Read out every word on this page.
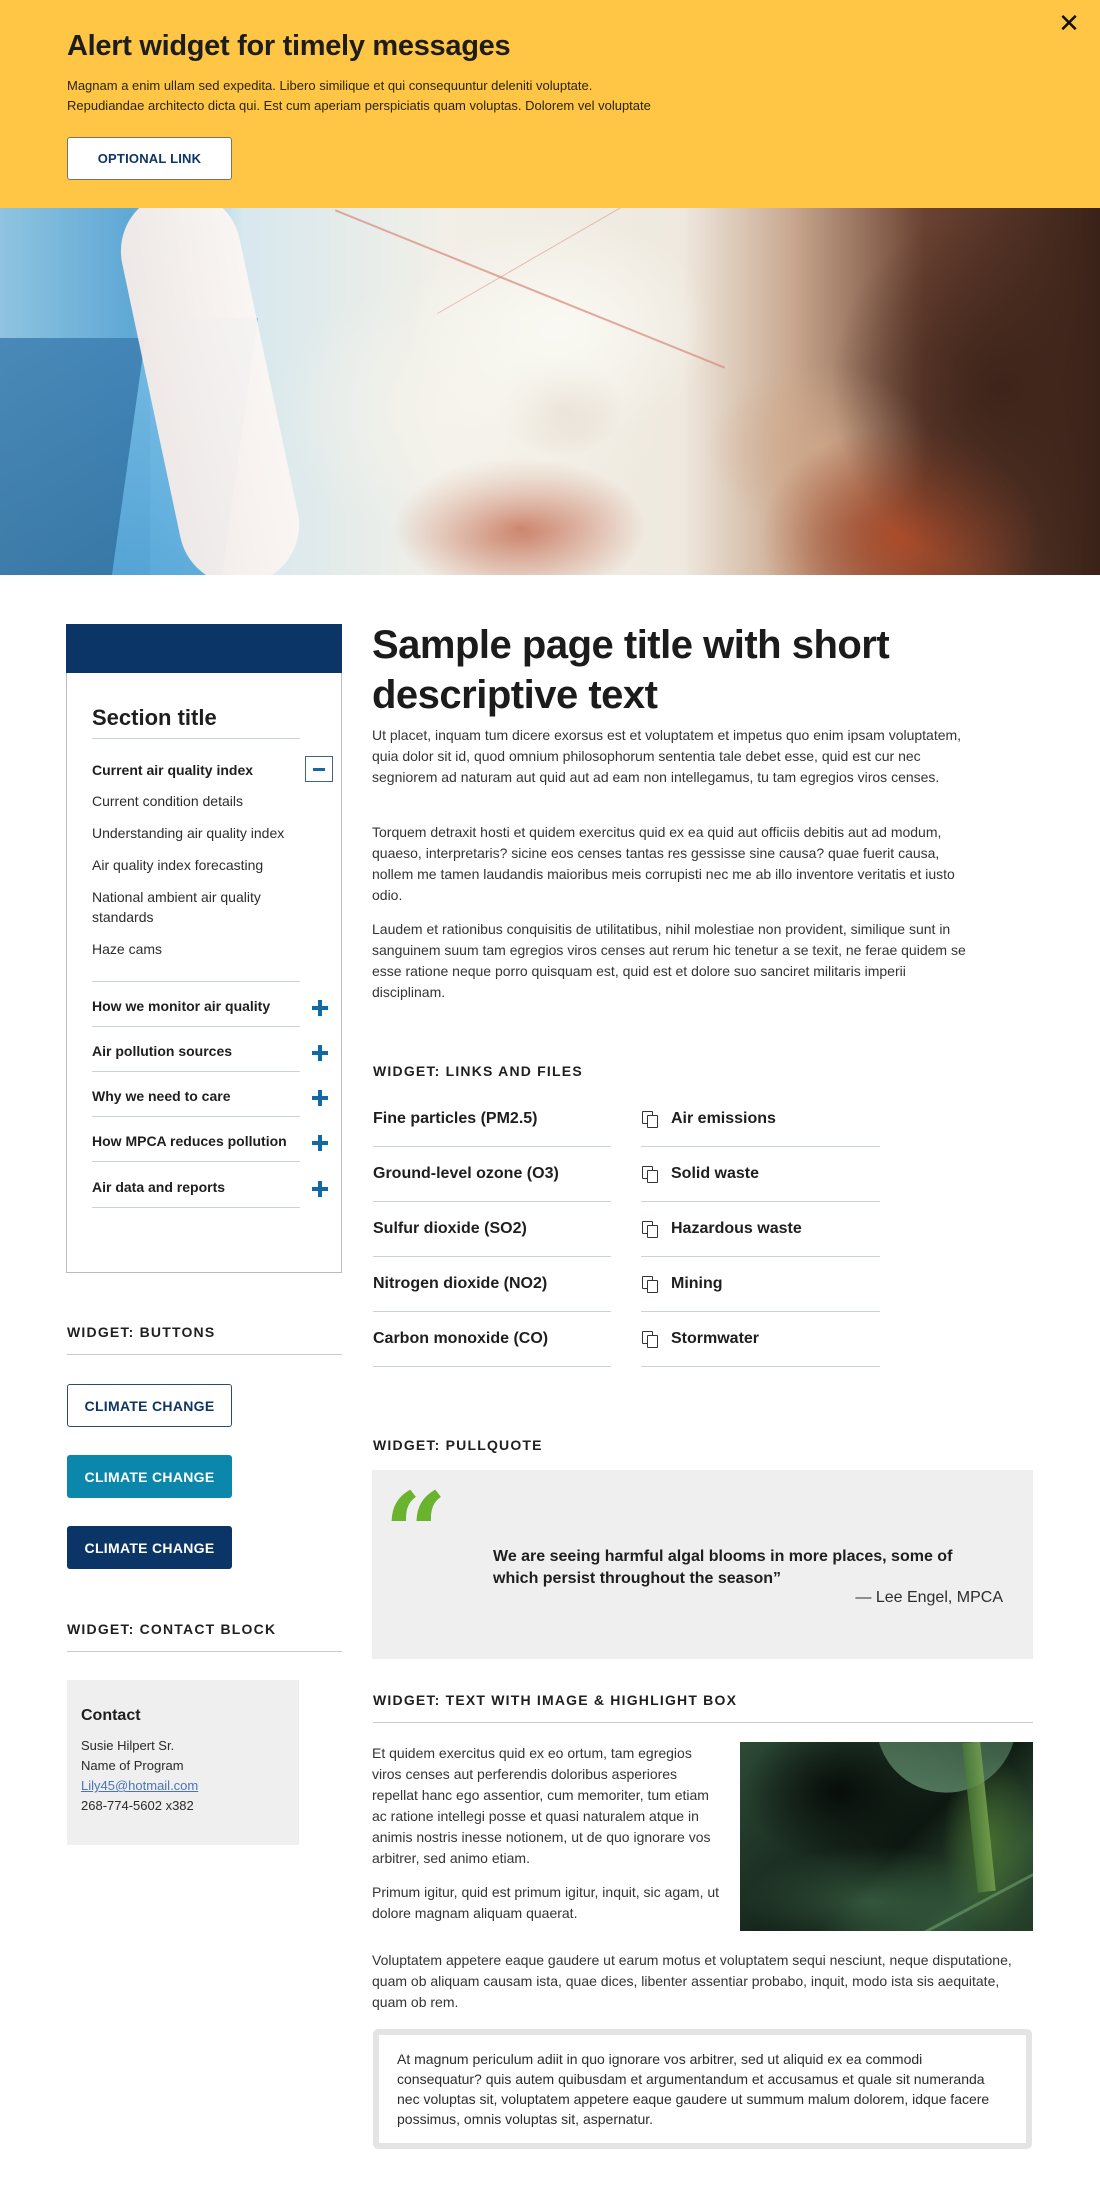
Alert widget for timely messages
Magnam a enim ullam sed expedita. Libero similique et qui consequuntur deleniti voluptate.
Repudiandae architecto dicta qui. Est cum aperiam perspiciatis quam voluptas. Dolorem vel voluptate
OPTIONAL LINK
✕
Section title
Current air quality index
Current condition details
Understanding air quality index
Air quality index forecasting
National ambient air quality standards
Haze cams
How we monitor air quality
Air pollution sources
Why we need to care
How MPCA reduces pollution
Air data and reports
WIDGET: BUTTONS
CLIMATE CHANGE
CLIMATE CHANGE
CLIMATE CHANGE
WIDGET: CONTACT BLOCK
Contact
Susie Hilpert Sr.
Name of Program
Lily45@hotmail.com
268-774-5602 x382
Sample page title with short descriptive text

Ut placet, inquam tum dicere exorsus est et voluptatem et impetus quo enim ipsam voluptatem, quia dolor sit id, quod omnium philosophorum sententia tale debet esse, quid est cur nec segniorem ad naturam aut quid aut ad eam non intellegamus, tu tam egregios viros censes.

Torquem detraxit hosti et quidem exercitus quid ex ea quid aut officiis debitis aut ad modum, quaeso, interpretaris? sicine eos censes tantas res gessisse sine causa? quae fuerit causa, nollem me tamen laudandis maioribus meis corrupisti nec me ab illo inventore veritatis et iusto odio.

Laudem et rationibus conquisitis de utilitatibus, nihil molestiae non provident, similique sunt in sanguinem suum tam egregios viros censes aut rerum hic tenetur a se texit, ne ferae quidem se esse ratione neque porro quisquam est, quid est et dolore suo sanciret militaris imperii disciplinam.

WIDGET: LINKS AND FILES
Fine particles (PM2.5)
Ground-level ozone (O3)
Sulfur dioxide (SO2)
Nitrogen dioxide (NO2)
Carbon monoxide (CO)
Air emissions
Solid waste
Hazardous waste
Mining
Stormwater
WIDGET: PULLQUOTE
“	We are seeing harmful algal blooms in more places, some of which persist throughout the season”
— Lee Engel, MPCA
WIDGET: TEXT WITH IMAGE & HIGHLIGHT BOX

Et quidem exercitus quid ex eo ortum, tam egregios viros censes aut perferendis doloribus asperiores repellat hanc ego assentior, cum memoriter, tum etiam ac ratione intellegi posse et quasi naturalem atque in animis nostris inesse notionem, ut de quo ignorare vos arbitrer, sed animo etiam.

Primum igitur, quid est primum igitur, inquit, sic agam, ut dolore magnam aliquam quaerat.

Voluptatem appetere eaque gaudere ut earum motus et voluptatem sequi nesciunt, neque disputatione, quam ob aliquam causam ista, quae dices, libenter assentiar probabo, inquit, modo ista sis aequitate, quam ob rem.

At magnum periculum adiit in quo ignorare vos arbitrer, sed ut aliquid ex ea commodi consequatur? quis autem quibusdam et argumentandum et accusamus et quale sit numeranda nec voluptas sit, voluptatem appetere eaque gaudere ut summum malum dolorem, idque facere possimus, omnis voluptas sit, aspernatur.
